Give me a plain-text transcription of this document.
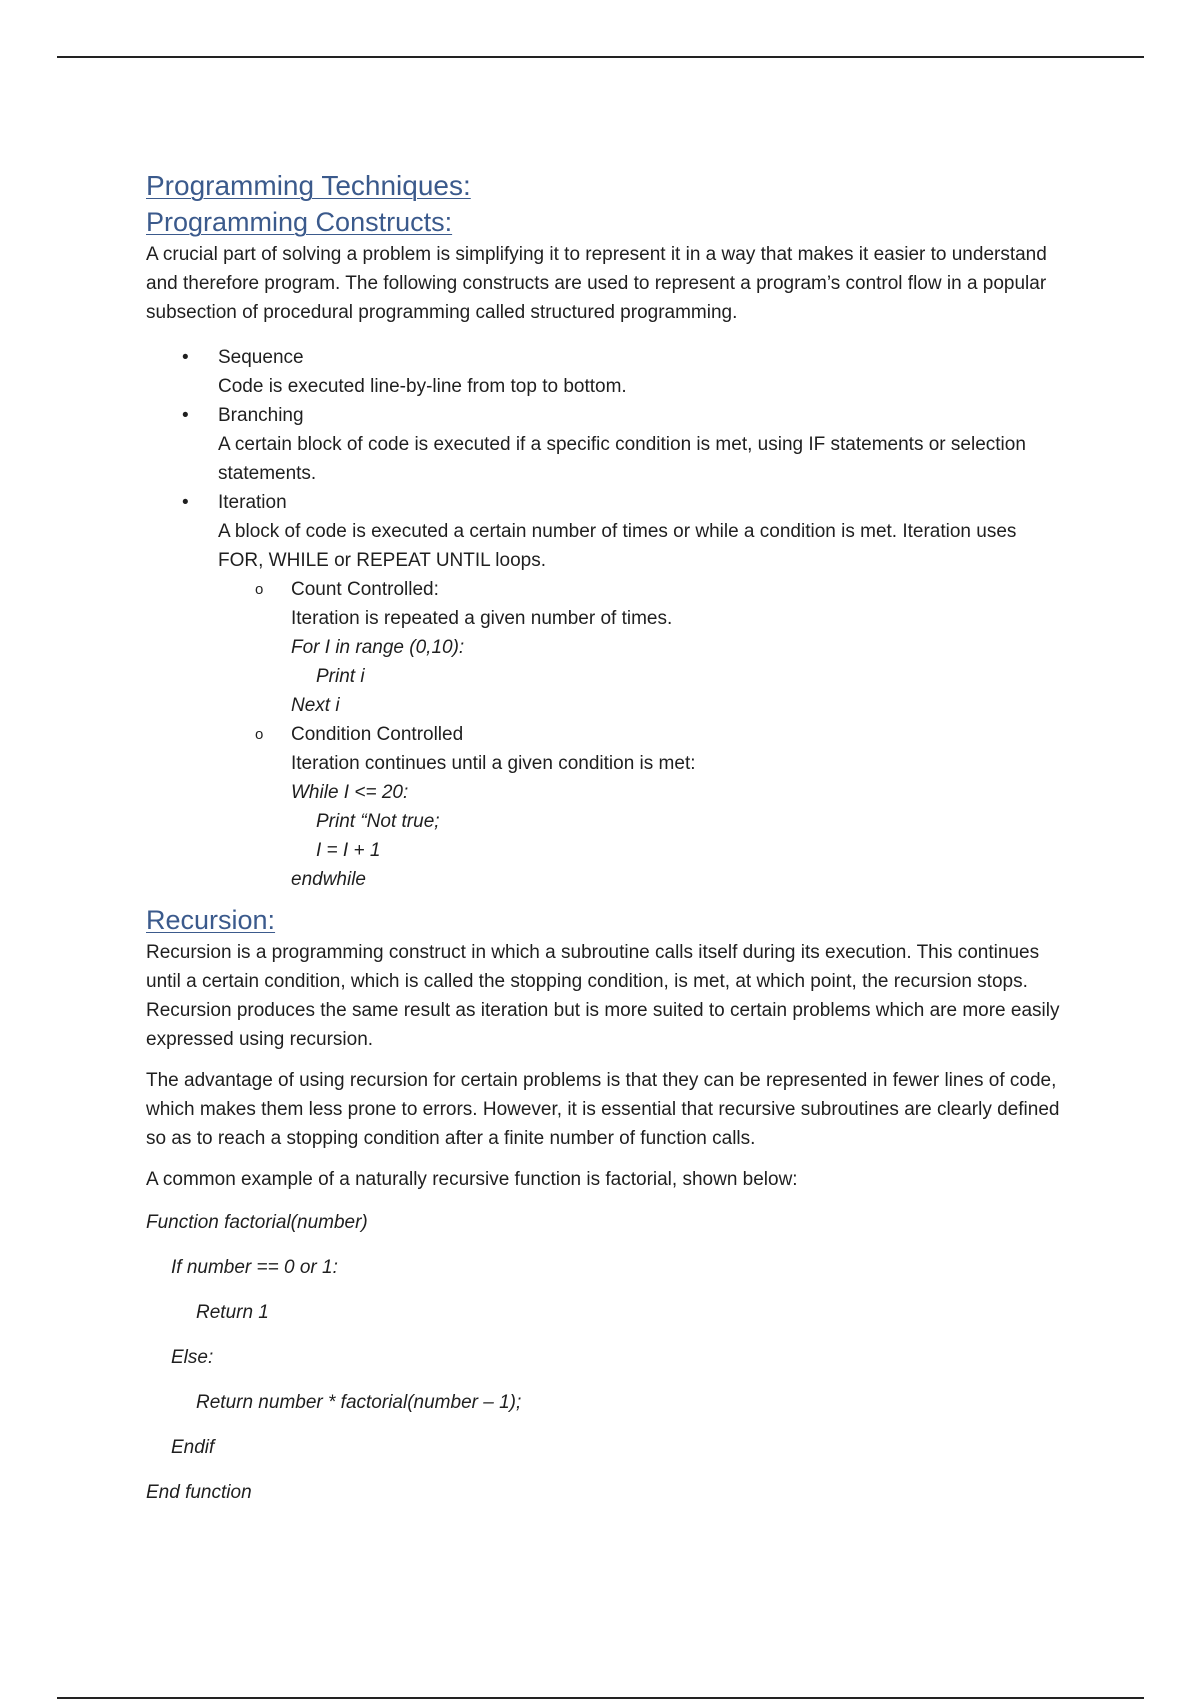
Programming Techniques:
Programming Constructs:

A crucial part of solving a problem is simplifying it to represent it in a way that makes it easier to understand and therefore program. The following constructs are used to represent a program’s control flow in a popular subsection of procedural programming called structured programming.

• Sequence
Code is executed line-by-line from top to bottom.
• Branching
A certain block of code is executed if a specific condition is met, using IF statements or selection statements.
• Iteration
A block of code is executed a certain number of times or while a condition is met. Iteration uses FOR, WHILE or REPEAT UNTIL loops.
o Count Controlled:
Iteration is repeated a given number of times.
For I in range (0,10):
Print i
Next i
o Condition Controlled
Iteration continues until a given condition is met:
While I <= 20:
Print “Not true;
I = I + 1
endwhile
Recursion:

Recursion is a programming construct in which a subroutine calls itself during its execution. This continues until a certain condition, which is called the stopping condition, is met, at which point, the recursion stops. Recursion produces the same result as iteration but is more suited to certain problems which are more easily expressed using recursion.

The advantage of using recursion for certain problems is that they can be represented in fewer lines of code, which makes them less prone to errors. However, it is essential that recursive subroutines are clearly defined so as to reach a stopping condition after a finite number of function calls.

A common example of a naturally recursive function is factorial, shown below:

Function factorial(number)
If number == 0 or 1:
Return 1
Else:
Return number * factorial(number – 1);
Endif
End function
